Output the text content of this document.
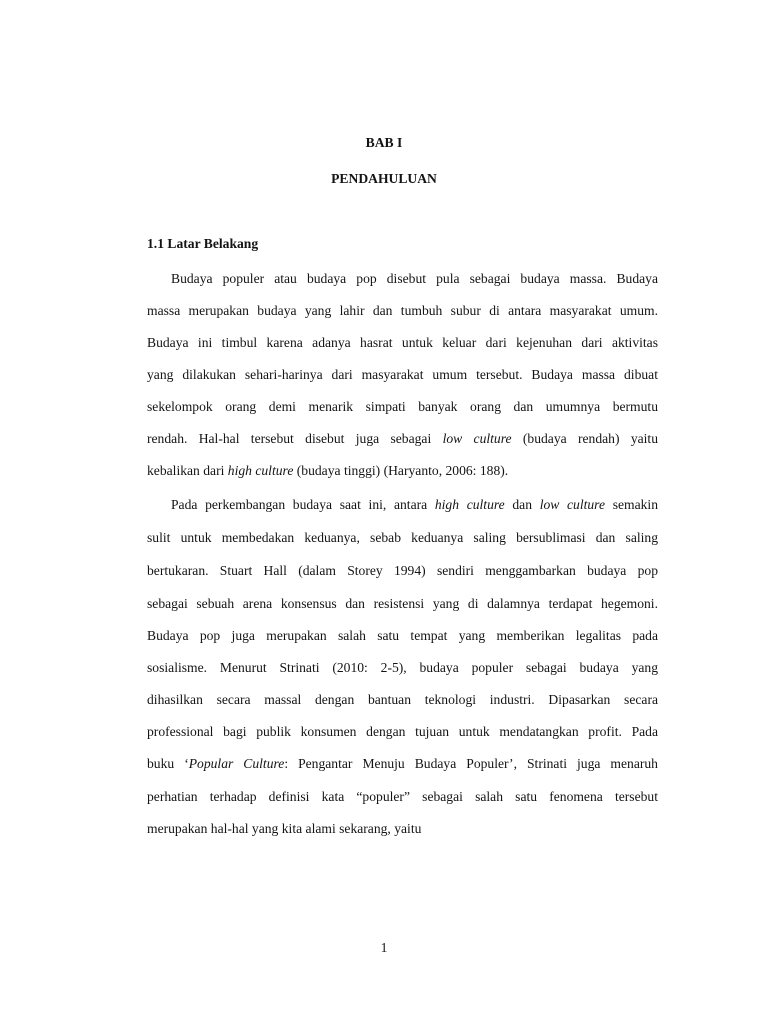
BAB I
PENDAHULUAN
1.1 Latar Belakang
Budaya populer atau budaya pop disebut pula sebagai budaya massa. Budaya
massa merupakan budaya yang lahir dan tumbuh subur di antara masyarakat umum.
Budaya ini timbul karena adanya hasrat untuk keluar dari kejenuhan dari aktivitas
yang dilakukan sehari-harinya dari masyarakat umum tersebut. Budaya massa dibuat
sekelompok orang demi menarik simpati banyak orang dan umumnya bermutu
rendah. Hal-hal tersebut disebut juga sebagai low culture (budaya rendah) yaitu
kebalikan dari high culture (budaya tinggi) (Haryanto, 2006: 188).
Pada perkembangan budaya saat ini, antara high culture dan low culture semakin
sulit untuk membedakan keduanya, sebab keduanya saling bersublimasi dan saling
bertukaran. Stuart Hall (dalam Storey 1994) sendiri menggambarkan budaya pop
sebagai sebuah arena konsensus dan resistensi yang di dalamnya terdapat hegemoni.
Budaya pop juga merupakan salah satu tempat yang memberikan legalitas pada
sosialisme. Menurut Strinati (2010: 2-5), budaya populer sebagai budaya yang
dihasilkan secara massal dengan bantuan teknologi industri. Dipasarkan secara
professional bagi publik konsumen dengan tujuan untuk mendatangkan profit. Pada
buku ‘Popular Culture: Pengantar Menuju Budaya Populer’, Strinati juga menaruh
perhatian terhadap definisi kata “populer” sebagai salah satu fenomena tersebut
merupakan hal-hal yang kita alami sekarang, yaitu
1
